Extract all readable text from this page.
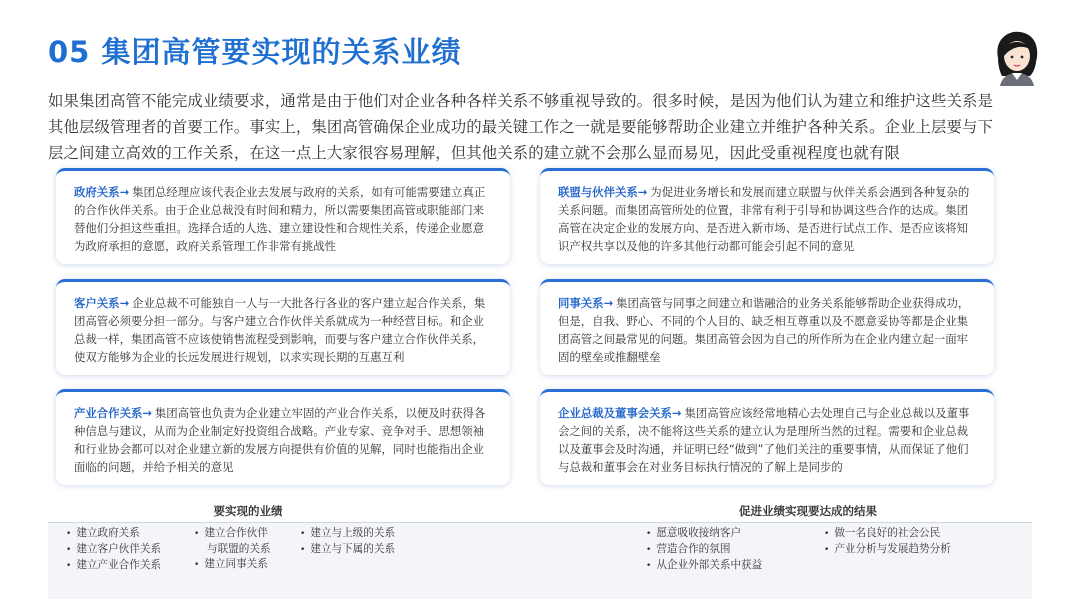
05 集团高管要实现的关系业绩
如果集团高管不能完成业绩要求，通常是由于他们对企业各种各样关系不够重视导致的。很多时候，是因为他们认为建立和维护这些关系是其他层级管理者的首要工作。事实上，集团高管确保企业成功的最关键工作之一就是要能够帮助企业建立并维护各种关系。企业上层要与下层之间建立高效的工作关系，在这一点上大家很容易理解，但其他关系的建立就不会那么显而易见，因此受重视程度也就有限
政府关系→ 集团总经理应该代表企业去发展与政府的关系，如有可能需要建立真正的合作伙伴关系。由于企业总裁没有时间和精力，所以需要集团高管或职能部门来替他们分担这些重担。选择合适的人选、建立建设性和合规性关系，传递企业愿意为政府承担的意愿，政府关系管理工作非常有挑战性
联盟与伙伴关系→ 为促进业务增长和发展而建立联盟与伙伴关系会遇到各种复杂的关系问题。而集团高管所处的位置，非常有利于引导和协调这些合作的达成。集团高管在决定企业的发展方向、是否进入新市场、是否进行试点工作、是否应该将知识产权共享以及他的许多其他行动都可能会引起不同的意见
客户关系→ 企业总裁不可能独自一人与一大批各行各业的客户建立起合作关系，集团高管必须要分担一部分。与客户建立合作伙伴关系就成为一种经营目标。和企业总裁一样，集团高管不应该使销售流程受到影响，而要与客户建立合作伙伴关系，使双方能够为企业的长远发展进行规划，以求实现长期的互惠互利
同事关系→ 集团高管与同事之间建立和谐融洽的业务关系能够帮助企业获得成功，但是，自我、野心、不同的个人目的、缺乏相互尊重以及不愿意妥协等都是企业集团高管之间最常见的问题。集团高管会因为自己的所作所为在企业内建立起一面牢固的壁垒或推翻壁垒
产业合作关系→ 集团高管也负责为企业建立牢固的产业合作关系，以便及时获得各种信息与建议，从而为企业制定好投资组合战略。产业专家、竞争对手、思想领袖和行业协会都可以对企业建立新的发展方向提供有价值的见解，同时也能指出企业面临的问题，并给予相关的意见
企业总裁及董事会关系→ 集团高管应该经常地精心去处理自己与企业总裁以及董事会之间的关系，决不能将这些关系的建立认为是理所当然的过程。需要和企业总裁以及董事会及时沟通，并证明已经“做到”了他们关注的重要事情，从而保证了他们与总裁和董事会在对业务目标执行情况的了解上是同步的
要实现的业绩	促进业绩实现要达成的结果
• 建立政府关系
• 建立客户伙伴关系
• 建立产业合作关系
• 建立合作伙伴
与联盟的关系
• 建立同事关系
• 建立与上级的关系
• 建立与下属的关系
• 愿意吸收接纳客户
• 营造合作的氛围
• 从企业外部关系中获益
• 做一名良好的社会公民
• 产业分析与发展趋势分析
